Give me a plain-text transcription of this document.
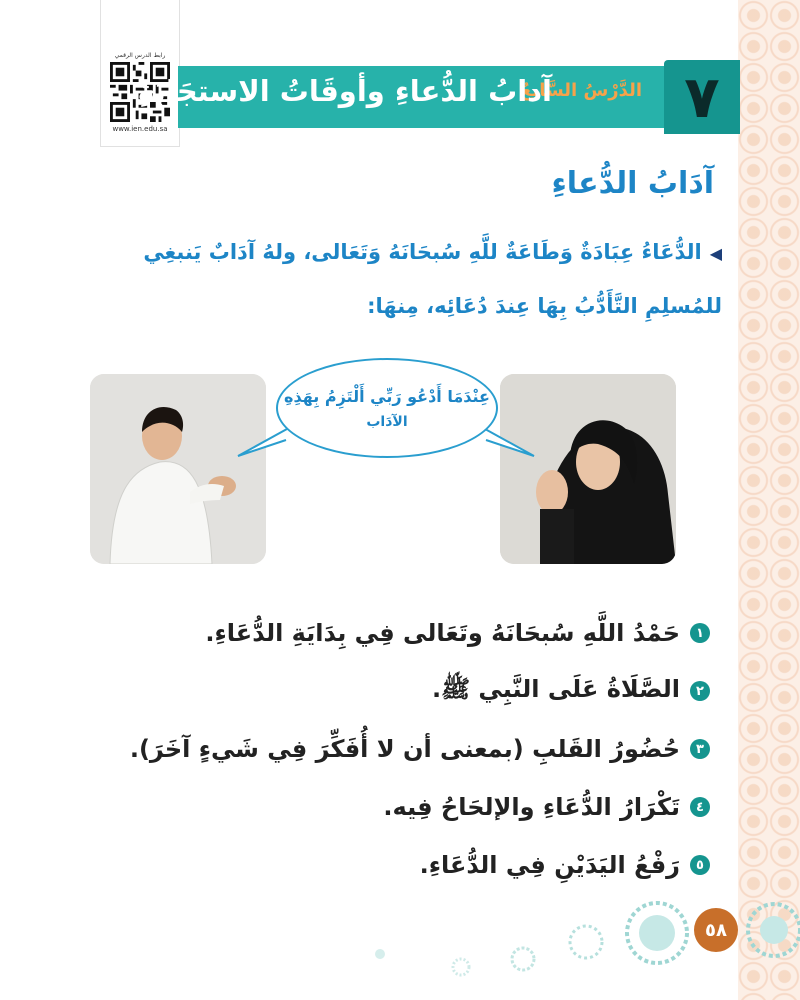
رابط الدرس الرقمي
www.ien.edu.sa	٧
الدَّرْسُ السَّابعُ
آدابُ الدُّعاءِ وأوقَاتُ الاستجَابَةِ
آدَابُ الدُّعاءِ
◀الدُّعَاءُ عِبَادَةٌ وَطَاعَةٌ للَّهِ سُبحَانَهُ وَتَعَالى، ولهُ آدَابٌ يَنبغِي للمُسلِمِ التَّأَدُّبُ بِهَا عِندَ دُعَائِه، مِنهَا:
عِنْدَمَا أَدْعُو رَبِّي أَلْتَزِمُ بِهَذِهِ
الآدَاب
١
حَمْدُ اللَّهِ سُبحَانَهُ وتَعَالى فِي بِدَايَةِ الدُّعَاءِ.
٢
الصَّلَاةُ عَلَى النَّبِي ﷺ.
٣
حُضُورُ القَلبِ (بمعنى أن لا أُفَكِّرَ فِي شَيءٍ آخَرَ).
٤
تَكْرَارُ الدُّعَاءِ والإلحَاحُ فِيه.
٥
رَفْعُ اليَدَيْنِ فِي الدُّعَاءِ.
٥٨
